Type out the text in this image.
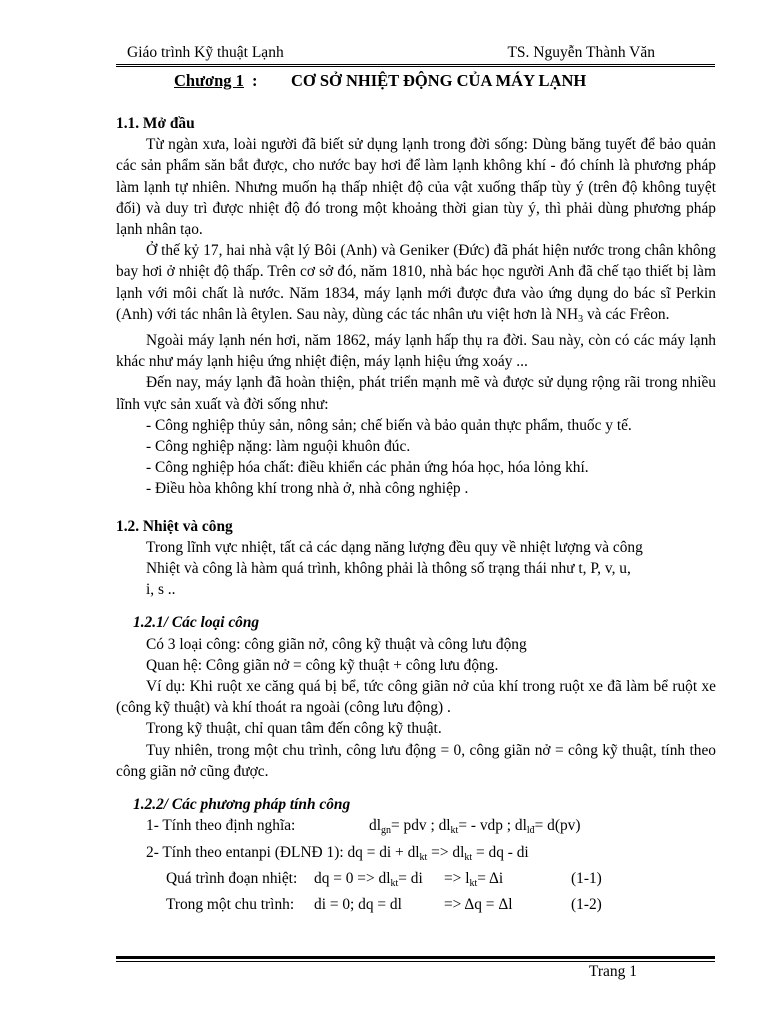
Giáo trình Kỹ thuật Lạnh	TS. Nguyễn Thành Văn
Chương 1 : CƠ SỞ NHIỆT ĐỘNG CỦA MÁY LẠNH

1.1. Mở đầu

Từ ngàn xưa, loài người đã biết sử dụng lạnh trong đời sống: Dùng băng tuyết để bảo quản các sản phẩm săn bắt được, cho nước bay hơi để làm lạnh không khí - đó chính là phương pháp làm lạnh tự nhiên. Nhưng muốn hạ thấp nhiệt độ của vật xuống thấp tùy ý (trên độ không tuyệt đối) và duy trì được nhiệt độ đó trong một khoảng thời gian tùy ý, thì phải dùng phương pháp lạnh nhân tạo.

Ở thế kỷ 17, hai nhà vật lý Bôi (Anh) và Geniker (Đức) đã phát hiện nước trong chân không bay hơi ở nhiệt độ thấp. Trên cơ sở đó, năm 1810, nhà bác học người Anh đã chế tạo thiết bị làm lạnh với môi chất là nước. Năm 1834, máy lạnh mới được đưa vào ứng dụng do bác sĩ Perkin (Anh) với tác nhân là êtylen. Sau này, dùng các tác nhân ưu việt hơn là $NH_3$ và các Frêon.

Ngoài máy lạnh nén hơi, năm 1862, máy lạnh hấp thụ ra đời. Sau này, còn có các máy lạnh khác như máy lạnh hiệu ứng nhiệt điện, máy lạnh hiệu ứng xoáy ...

Đến nay, máy lạnh đã hoàn thiện, phát triển mạnh mẽ và được sử dụng rộng rãi trong nhiều lĩnh vực sản xuất và đời sống như:

- Công nghiệp thủy sản, nông sản; chế biến và bảo quản thực phẩm, thuốc y tế.

- Công nghiệp nặng: làm nguội khuôn đúc.

- Công nghiệp hóa chất: điều khiển các phản ứng hóa học, hóa lỏng khí.

- Điều hòa không khí trong nhà ở, nhà công nghiệp .

1.2. Nhiệt và công

Trong lĩnh vực nhiệt, tất cả các dạng năng lượng đều quy về nhiệt lượng và công

Nhiệt và công là hàm quá trình, không phải là thông số trạng thái như t, P, v, u,

i, s ..

1.2.1/ Các loại công

Có 3 loại công: công giãn nở, công kỹ thuật và công lưu động

Quan hệ: Công giãn nở = công kỹ thuật + công lưu động.

Ví dụ: Khi ruột xe căng quá bị bể, tức công giãn nở của khí trong ruột xe đã làm bể ruột xe (công kỹ thuật) và khí thoát ra ngoài (công lưu động) .

Trong kỹ thuật, chỉ quan tâm đến công kỹ thuật.

Tuy nhiên, trong một chu trình, công lưu động = 0, công giãn nở = công kỹ thuật, tính theo công giãn nở cũng được.

1.2.2/ Các phương pháp tính công

1- Tính theo định nghĩa:	$dl_{gn}=$ pdv ; $dl_{kt}=$ - vdp ; $dl_{lđ}= d(pv)$

2- Tính theo entanpi (ĐLNĐ 1): dq = di + $dl_{kt} => dl_{kt}$ = dq - di

Quá trình đoạn nhiệt: dq = $0 => dl_{kt}=$ di => $l_{kt}= \Delta i$	(1-1)

Trong một chu trình: di = 0; dq = dl	=> Δq = Δl	(1-2)

Trang 1
